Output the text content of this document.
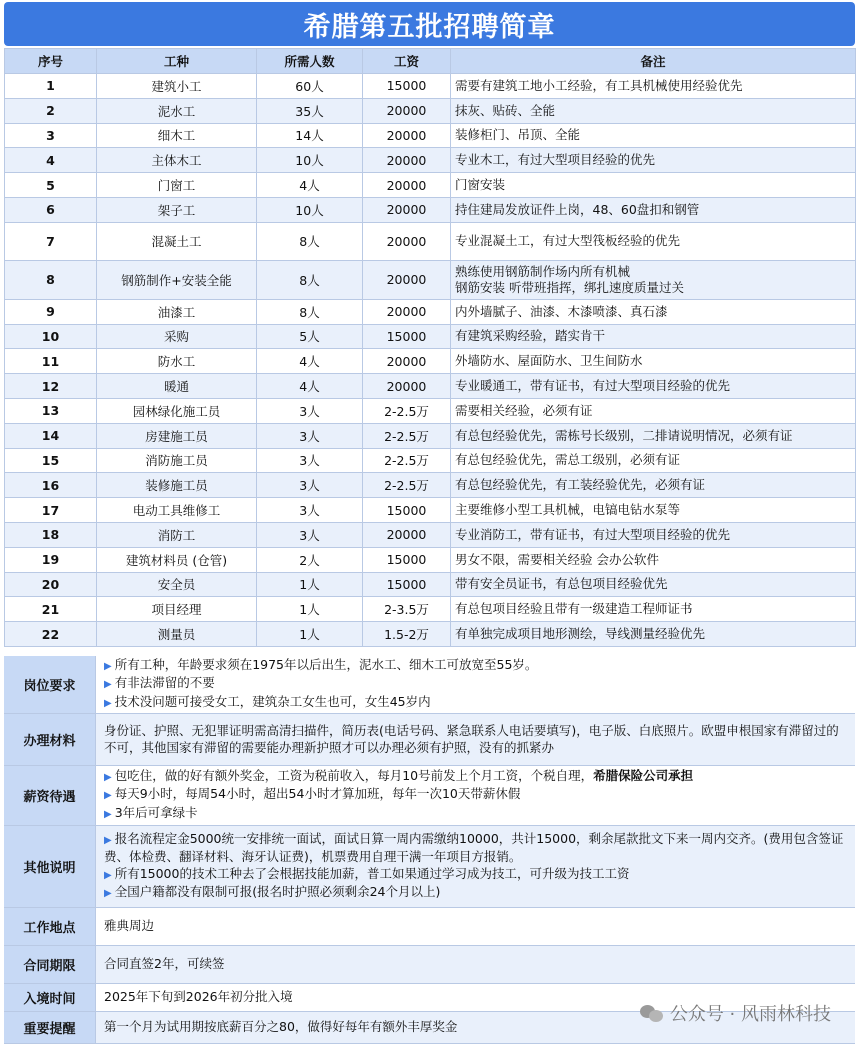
希腊第五批招聘简章
序号	工种	所需人数	工资	备注
1	建筑小工	60人	15000	需要有建筑工地小工经验，有工具机械使用经验优先
2	泥水工	35人	20000	抹灰、贴砖、全能
3	细木工	14人	20000	装修柜门、吊顶、全能
4	主体木工	10人	20000	专业木工，有过大型项目经验的优先
5	门窗工	4人	20000	门窗安装
6	架子工	10人	20000	持住建局发放证件上岗，48、60盘扣和钢管
7	混凝土工	8人	20000	专业混凝土工，有过大型筏板经验的优先
8	钢筋制作+安装全能	8人	20000	熟练使用钢筋制作场内所有机械
钢筋安装 听带班指挥，绑扎速度质量过关

9	油漆工	8人	20000	内外墙腻子、油漆、木漆喷漆、真石漆
10	采购	5人	15000	有建筑采购经验，踏实肯干
11	防水工	4人	20000	外墙防水、屋面防水、卫生间防水
12	暖通	4人	20000	专业暖通工，带有证书，有过大型项目经验的优先
13	园林绿化施工员	3人	2-2.5万	需要相关经验，必须有证
14	房建施工员	3人	2-2.5万	有总包经验优先，需栋号长级别，二排请说明情况，必须有证
15	消防施工员	3人	2-2.5万	有总包经验优先，需总工级别，必须有证
16	装修施工员	3人	2-2.5万	有总包经验优先，有工装经验优先，必须有证
17	电动工具维修工	3人	15000	主要维修小型工具机械，电镐电钻水泵等
18	消防工	3人	20000	专业消防工，带有证书，有过大型项目经验的优先
19	建筑材料员 (仓管)	2人	15000	男女不限，需要相关经验 会办公软件
20	安全员	1人	15000	带有安全员证书，有总包项目经验优先
21	项目经理	1人	2-3.5万	有总包项目经验且带有一级建造工程师证书
22	测量员	1人	1.5-2万	有单独完成项目地形测绘，导线测量经验优先
岗位要求
▶ 所有工种，年龄要求须在1975年以后出生，泥水工、细木工可放宽至55岁。
▶ 有非法滞留的不要
▶ 技术没问题可接受女工，建筑杂工女生也可，女生45岁内
办理材料
身份证、护照、无犯罪证明需高清扫描件，简历表(电话号码、紧急联系人电话要填写)，电子版、白底照片。欧盟申根国家有滞留过的
不可，其他国家有滞留的需要能办理新护照才可以办理必须有护照，没有的抓紧办
薪资待遇
▶ 包吃住，做的好有额外奖金，工资为税前收入，每月10号前发上个月工资，个税自理，希腊保险公司承担
▶ 每天9小时，每周54小时，超出54小时才算加班，每年一次10天带薪休假
▶ 3年后可拿绿卡
其他说明
▶ 报名流程定金5000统一安排统一面试，面试日算一周内需缴纳10000，共计15000，剩余尾款批文下来一周内交齐。(费用包含签证
费、体检费、翻译材料、海牙认证费)，机票费用自理干满一年项目方报销。
▶ 所有15000的技术工种去了会根据技能加薪，普工如果通过学习成为技工，可升级为技工工资
▶ 全国户籍都没有限制可报(报名时护照必须剩余24个月以上)
工作地点	雅典周边
合同期限	合同直签2年，可续签
入境时间	2025年下旬到2026年初分批入境
重要提醒	第一个月为试用期按底薪百分之80，做得好每年有额外丰厚奖金
公众号 · 风雨林科技
